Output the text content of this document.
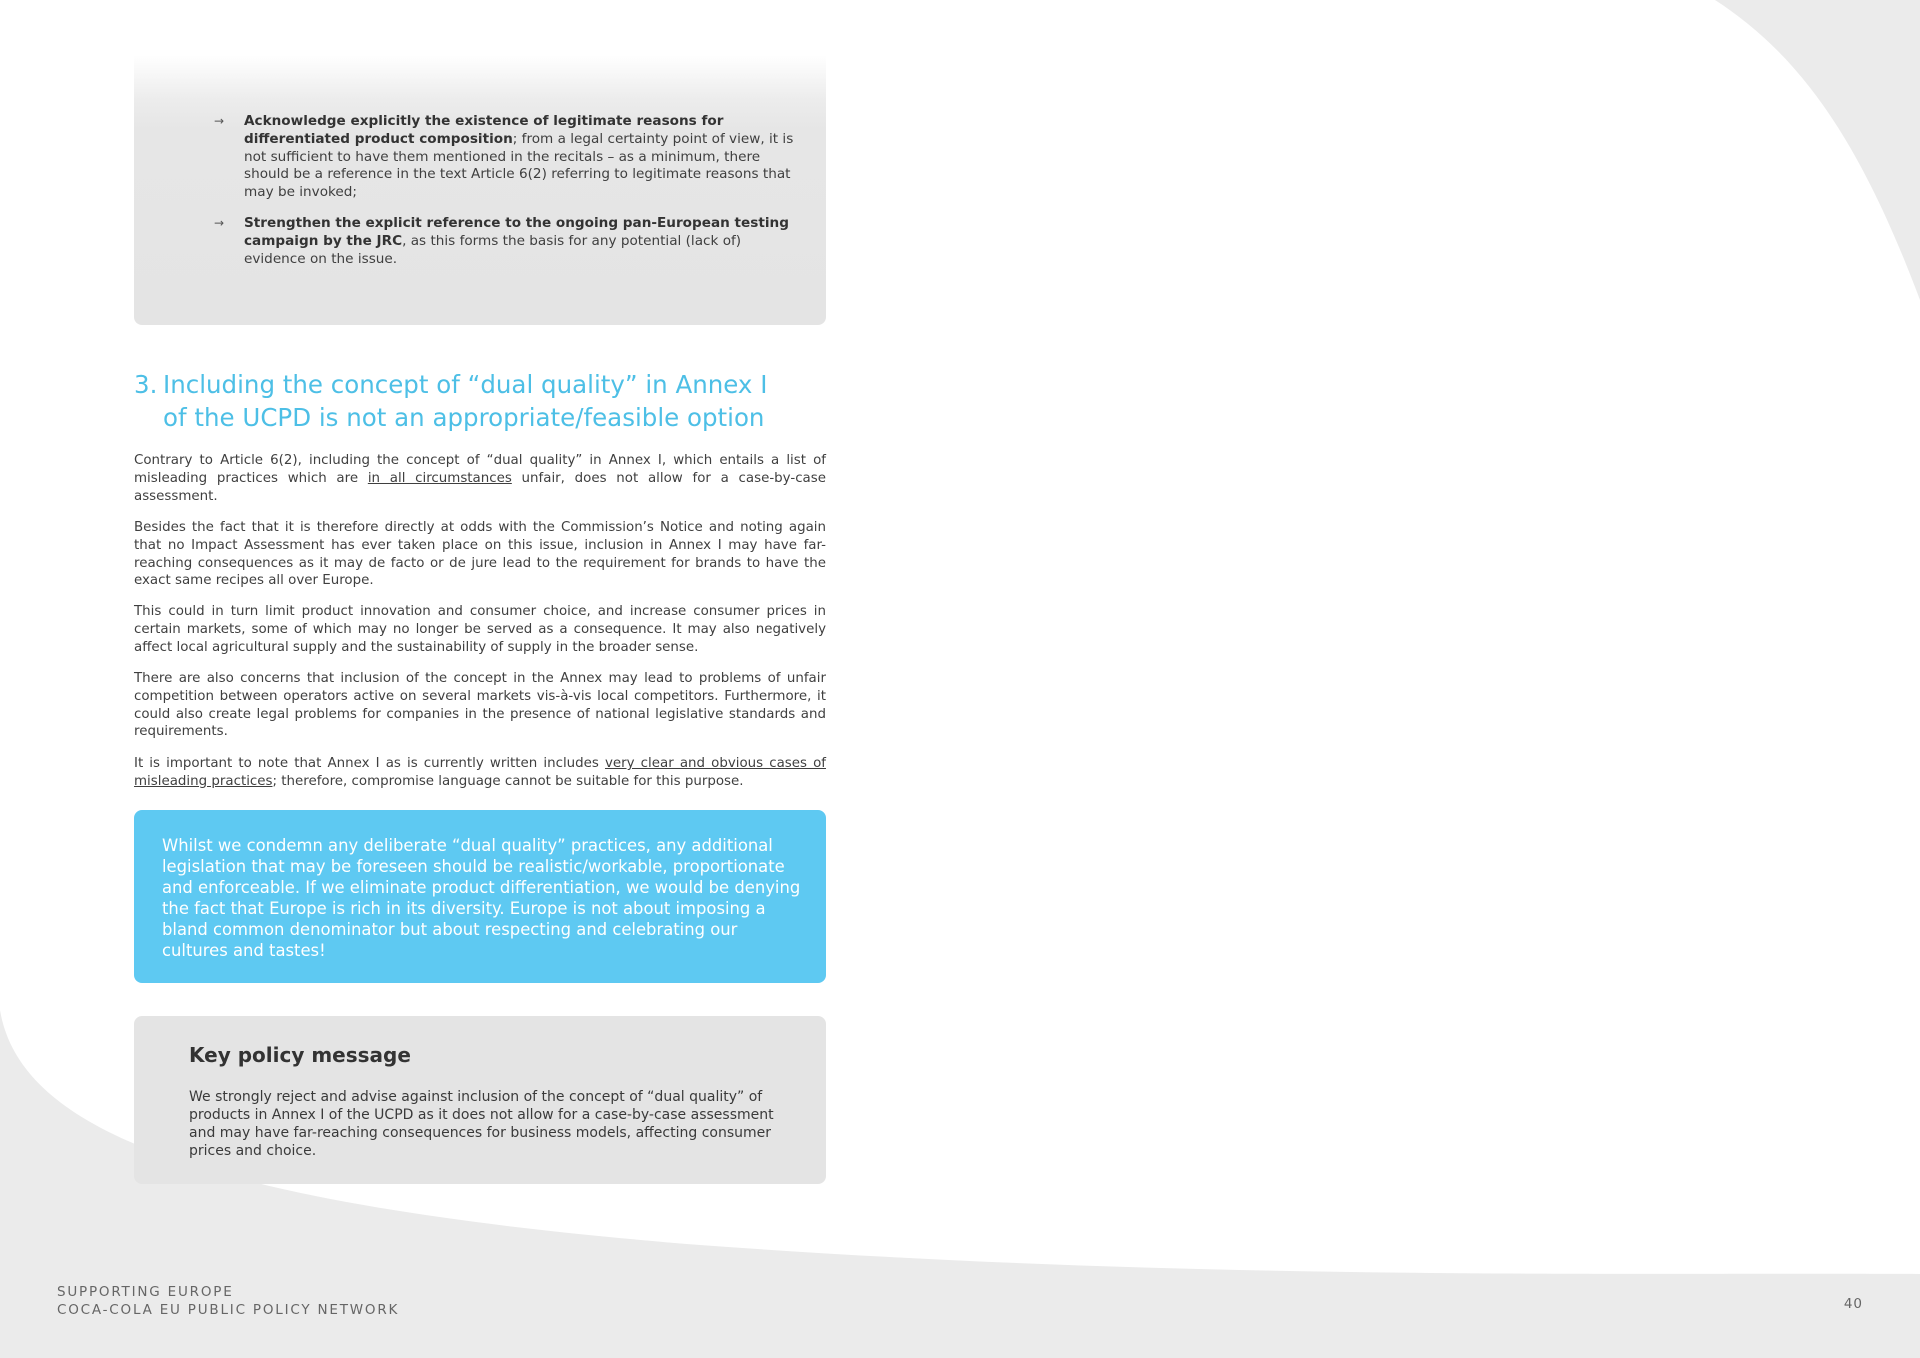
→ Acknowledge explicitly the existence of legitimate reasons for differentiated product composition; from a legal certainty point of view, it is not sufficient to have them mentioned in the recitals – as a minimum, there should be a reference in the text Article 6(2) referring to legitimate reasons that may be invoked;
→ Strengthen the explicit reference to the ongoing pan-European testing campaign by the JRC, as this forms the basis for any potential (lack of) evidence on the issue.
3. Including the concept of “dual quality” in Annex I
of the UCPD is not an appropriate/feasible option

Contrary to Article 6(2), including the concept of “dual quality” in Annex I, which entails a list of misleading practices which are in all circumstances unfair, does not allow for a case-by-case assessment.

Besides the fact that it is therefore directly at odds with the Commission’s Notice and noting again that no Impact Assessment has ever taken place on this issue, inclusion in Annex I may have far-reaching consequences as it may de facto or de jure lead to the requirement for brands to have the exact same recipes all over Europe.

This could in turn limit product innovation and consumer choice, and increase consumer prices in certain markets, some of which may no longer be served as a consequence. It may also negatively affect local agricultural supply and the sustainability of supply in the broader sense.

There are also concerns that inclusion of the concept in the Annex may lead to problems of unfair competition between operators active on several markets vis-à-vis local competitors. Furthermore, it could also create legal problems for companies in the presence of national legislative standards and requirements.

It is important to note that Annex I as is currently written includes very clear and obvious cases of misleading practices; therefore, compromise language cannot be suitable for this purpose.

Whilst we condemn any deliberate “dual quality” practices, any additional legislation that may be foreseen should be realistic/workable, proportionate and enforceable. If we eliminate product differentiation, we would be denying the fact that Europe is rich in its diversity. Europe is not about imposing a bland common denominator but about respecting and celebrating our cultures and tastes!

Key policy message

We strongly reject and advise against inclusion of the concept of “dual quality” of products in Annex I of the UCPD as it does not allow for a case-by-case assessment and may have far-reaching consequences for business models, affecting consumer prices and choice.

SUPPORTING EUROPE
COCA-COLA EU PUBLIC POLICY NETWORK	40
